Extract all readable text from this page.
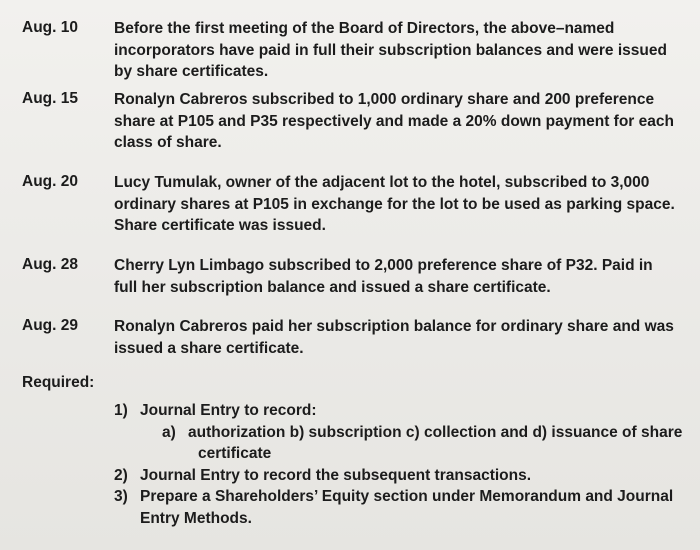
Aug. 10	Before the first meeting of the Board of Directors, the above–named
incorporators have paid in full their subscription balances and were issued
by share certificates.
Aug. 15	Ronalyn Cabreros subscribed to 1,000 ordinary share and 200 preference
share at P105 and P35 respectively and made a 20% down payment for each
class of share.
Aug. 20	Lucy Tumulak, owner of the adjacent lot to the hotel, subscribed to 3,000
ordinary shares at P105 in exchange for the lot to be used as parking space.
Share certificate was issued.
Aug. 28	Cherry Lyn Limbago subscribed to 2,000 preference share of P32. Paid in
full her subscription balance and issued a share certificate.
Aug. 29	Ronalyn Cabreros paid her subscription balance for ordinary share and was
issued a share certificate.
Required:
1) Journal Entry to record:
a) authorization b) subscription c) collection and d) issuance of share
certificate
2) Journal Entry to record the subsequent transactions.
3) Prepare a Shareholders’ Equity section under Memorandum and Journal
Entry Methods.
